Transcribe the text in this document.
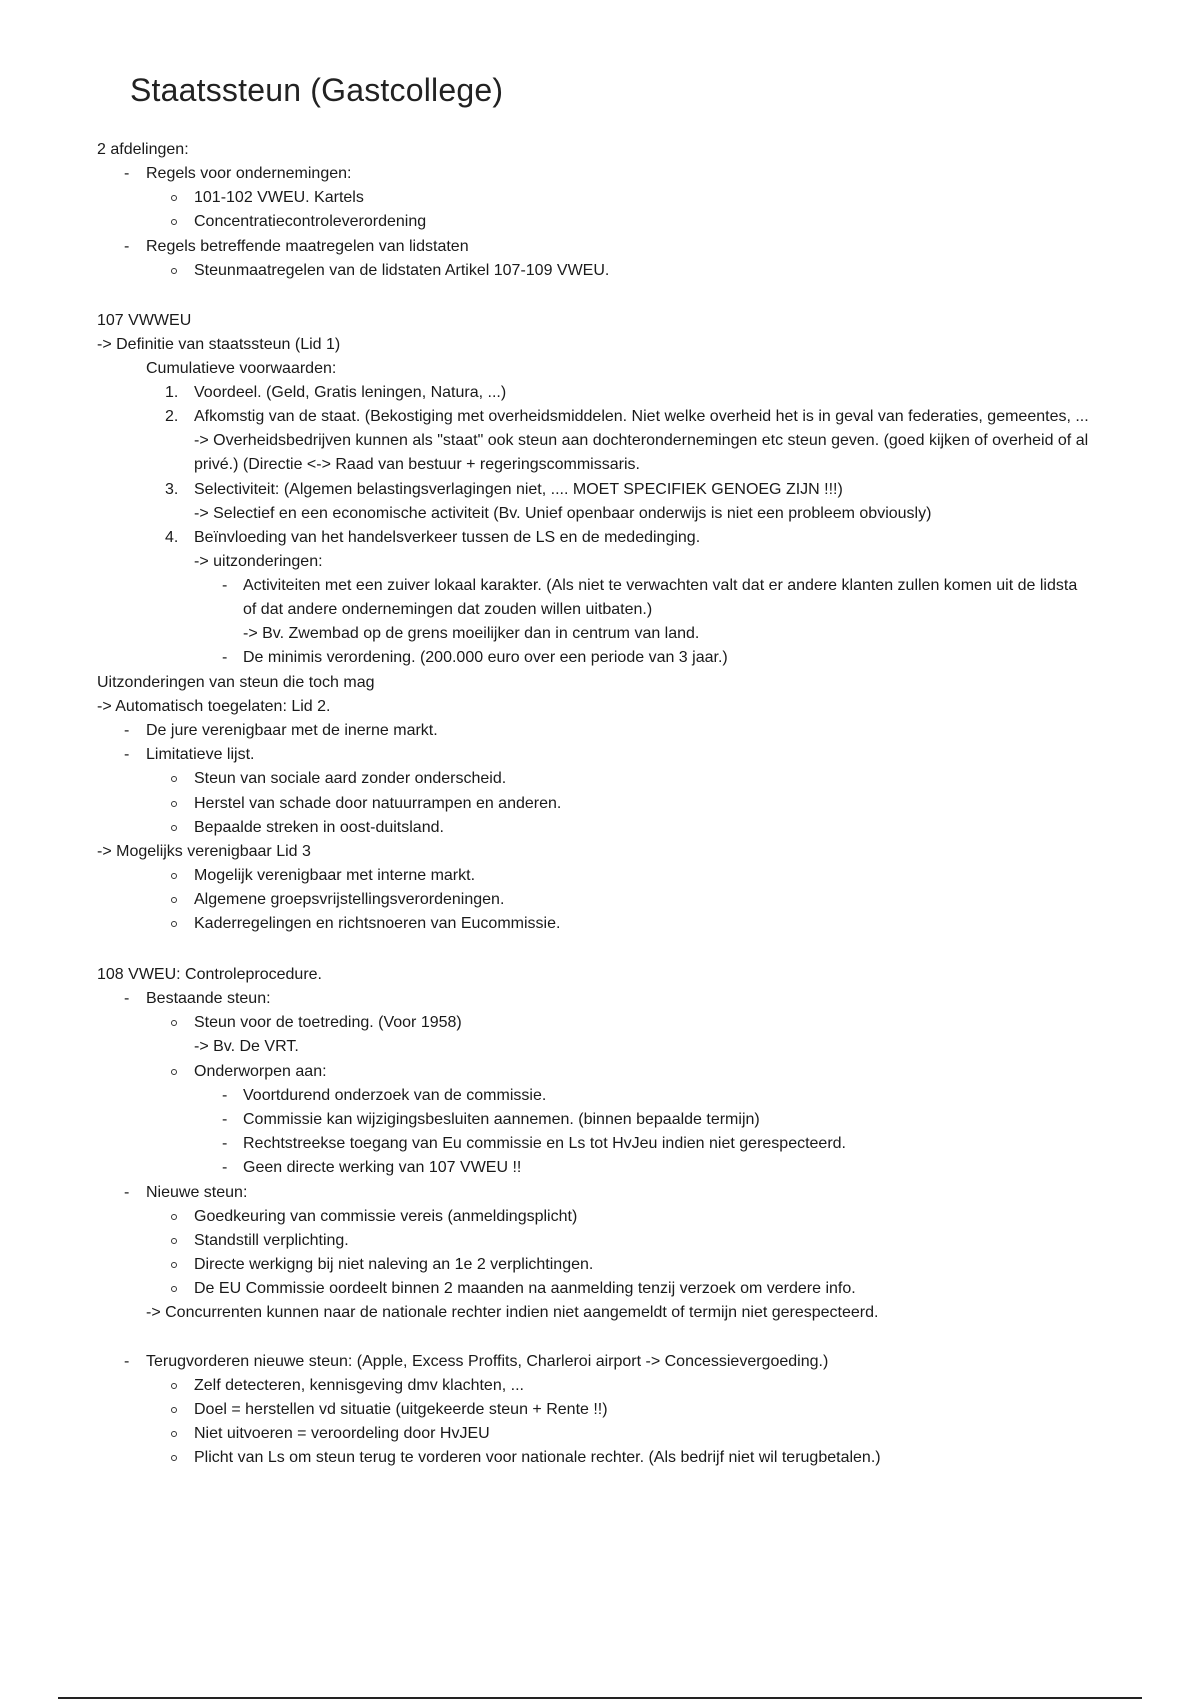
Staatssteun (Gastcollege)
2 afdelingen:
- Regels voor ondernemingen:
101-102 VWEU. Kartels
Concentratiecontroleverordening
- Regels betreffende maatregelen van lidstaten
Steunmaatregelen van de lidstaten Artikel 107-109 VWEU.
107 VWWEU
-> Definitie van staatssteun (Lid 1)
Cumulatieve voorwaarden:
1. Voordeel. (Geld, Gratis leningen, Natura, ...)
2. Afkomstig van de staat. (Bekostiging met overheidsmiddelen. Niet welke overheid het is in geval van federaties, gemeentes, ...
-> Overheidsbedrijven kunnen als "staat" ook steun aan dochterondernemingen etc steun geven. (goed kijken of overheid of al
privé.) (Directie <-> Raad van bestuur + regeringscommissaris.
3. Selectiviteit: (Algemen belastingsverlagingen niet, .... MOET SPECIFIEK GENOEG ZIJN !!!)
-> Selectief en een economische activiteit (Bv. Unief openbaar onderwijs is niet een probleem obviously)
4. Beïnvloeding van het handelsverkeer tussen de LS en de mededinging.
-> uitzonderingen:
- Activiteiten met een zuiver lokaal karakter. (Als niet te verwachten valt dat er andere klanten zullen komen uit de lidsta
of dat andere ondernemingen dat zouden willen uitbaten.)
-> Bv. Zwembad op de grens moeilijker dan in centrum van land.
- De minimis verordening. (200.000 euro over een periode van 3 jaar.)
Uitzonderingen van steun die toch mag
-> Automatisch toegelaten: Lid 2.
- De jure verenigbaar met de inerne markt.
- Limitatieve lijst.
Steun van sociale aard zonder onderscheid.
Herstel van schade door natuurrampen en anderen.
Bepaalde streken in oost-duitsland.
-> Mogelijks verenigbaar Lid 3
Mogelijk verenigbaar met interne markt.
Algemene groepsvrijstellingsverordeningen.
Kaderregelingen en richtsnoeren van Eucommissie.
108 VWEU: Controleprocedure.
- Bestaande steun:
Steun voor de toetreding. (Voor 1958)
-> Bv. De VRT.
Onderworpen aan:
- Voortdurend onderzoek van de commissie.
- Commissie kan wijzigingsbesluiten aannemen. (binnen bepaalde termijn)
- Rechtstreekse toegang van Eu commissie en Ls tot HvJeu indien niet gerespecteerd.
- Geen directe werking van 107 VWEU !!
- Nieuwe steun:
Goedkeuring van commissie vereis (anmeldingsplicht)
Standstill verplichting.
Directe werkigng bij niet naleving an 1e 2 verplichtingen.
De EU Commissie oordeelt binnen 2 maanden na aanmelding tenzij verzoek om verdere info.
-> Concurrenten kunnen naar de nationale rechter indien niet aangemeldt of termijn niet gerespecteerd.
- Terugvorderen nieuwe steun: (Apple, Excess Proffits, Charleroi airport -> Concessievergoeding.)
Zelf detecteren, kennisgeving dmv klachten, ...
Doel = herstellen vd situatie (uitgekeerde steun + Rente !!)
Niet uitvoeren = veroordeling door HvJEU
Plicht van Ls om steun terug te vorderen voor nationale rechter. (Als bedrijf niet wil terugbetalen.)
